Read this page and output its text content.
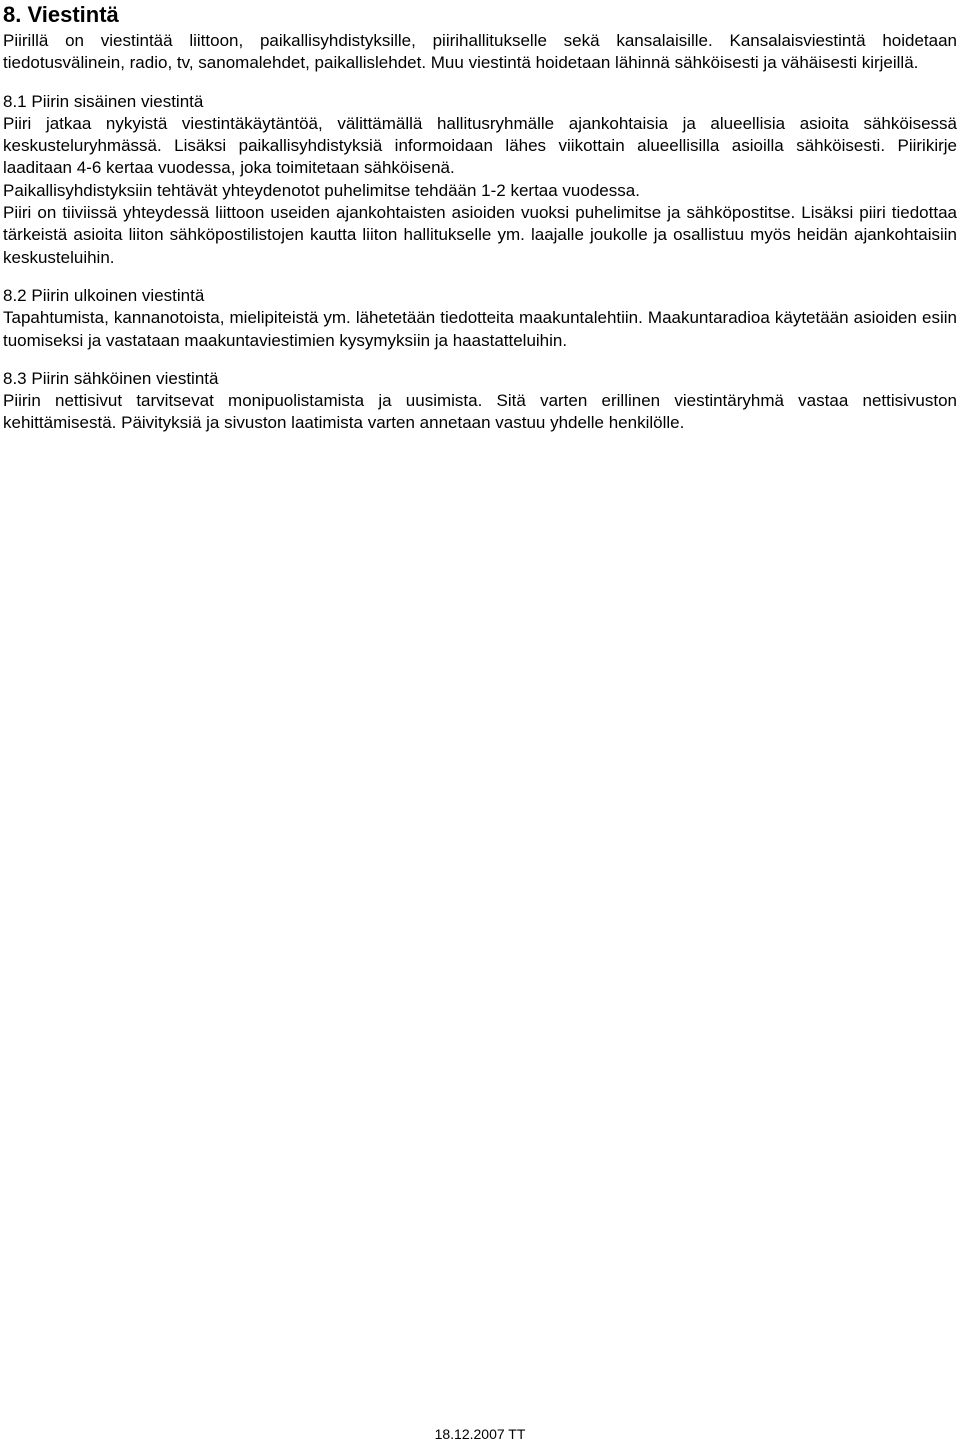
8. Viestintä

Piirillä on viestintää liittoon, paikallisyhdistyksille, piirihallitukselle sekä kansalaisille. Kansalaisviestintä hoidetaan tiedotusvälinein, radio, tv, sanomalehdet, paikallislehdet. Muu viestintä hoidetaan lähinnä sähköisesti ja vähäisesti kirjeillä.

8.1 Piirin sisäinen viestintä

Piiri jatkaa nykyistä viestintäkäytäntöä, välittämällä hallitusryhmälle ajankohtaisia ja alueellisia asioita sähköisessä keskusteluryhmässä. Lisäksi paikallisyhdistyksiä informoidaan lähes viikottain alueellisilla asioilla sähköisesti. Piirikirje laaditaan 4-6 kertaa vuodessa, joka toimitetaan sähköisenä.

Paikallisyhdistyksiin tehtävät yhteydenotot puhelimitse tehdään 1-2 kertaa vuodessa.

Piiri on tiiviissä yhteydessä liittoon useiden ajankohtaisten asioiden vuoksi puhelimitse ja sähköpostitse. Lisäksi piiri tiedottaa tärkeistä asioita liiton sähköpostilistojen kautta liiton hallitukselle ym. laajalle joukolle ja osallistuu myös heidän ajankohtaisiin keskusteluihin.

8.2 Piirin ulkoinen viestintä

Tapahtumista, kannanotoista, mielipiteistä ym. lähetetään tiedotteita maakuntalehtiin. Maakuntaradioa käytetään asioiden esiin tuomiseksi ja vastataan maakuntaviestimien kysymyksiin ja haastatteluihin.

8.3 Piirin sähköinen viestintä

Piirin nettisivut tarvitsevat monipuolistamista ja uusimista. Sitä varten erillinen viestintäryhmä vastaa nettisivuston kehittämisestä. Päivityksiä ja sivuston laatimista varten annetaan vastuu yhdelle henkilölle.

18.12.2007 TT
